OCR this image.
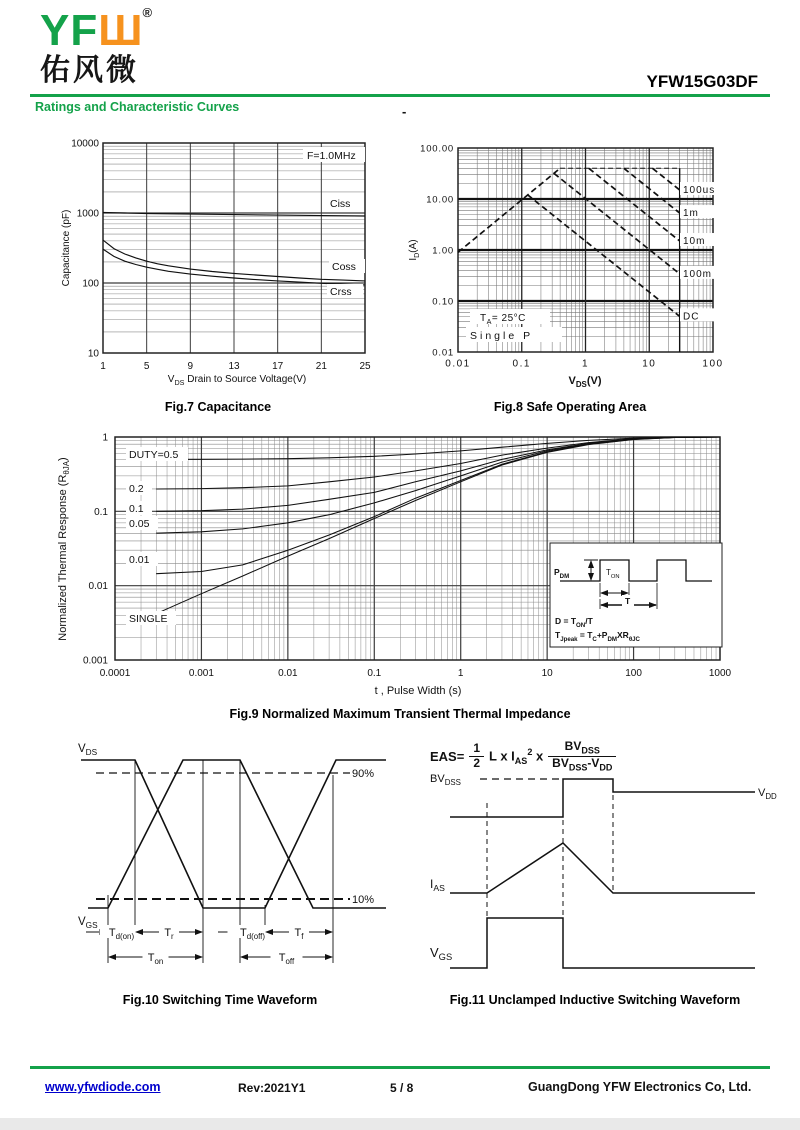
YFШ®
佑风微	YFW15G03DF
Ratings and Characteristic Curves	-
F=1.0MHz
Ciss
Coss
Crss
10000
1000
100
10
1	5	9	13	17	21	25
$V_{DS}$ Drain to Source Voltage(V)
Capacitance (pF)
100us
1m
10m
100m
DC
$T_A= 25^\circ C$
Single P
100.00
10.00
1.00
0.10
0.01
0.01	0.1	1	10	100
$V_{DS}(V)$
$I_D(A)$
Fig.7 Capacitance	Fig.8 Safe Operating Area
$P_{DM}$	$T_{ON}$
T
$D = T_{ON}/T$
$T_{Jpeak} = T_C+P_{DM}XR_{\theta JC}$
DUTY=0.5
0.2
0.1
0.05
0.01
SINGLE
1
0.1
0.01
0.001
0.0001	0.001	0.01	0.1	1	10	100	1000
t , Pulse Width (s)
Normalized Thermal Response $(R_{\theta JA})$
Fig.9 Normalized Maximum Transient Thermal Impedance
90%
10%
$V_{DS}$
$V_{GS}$
$T_{d(on)}$	$T_r$	$T_{d(off)}$	$T_f$
$T_{on}$	$T_{off}$
$BV_{DSS}$
$V_{DD}$
$I_{AS}$
$V_{GS}$
$EAS= \frac{1}{2}$ L x $I_{AS}^2$ x $\frac{BV_{DSS}}{BV_{DSS}-V_{DD}}$
Fig.10 Switching Time Waveform	Fig.11 Unclamped Inductive Switching Waveform
www.yfwdiode.com	Rev:2021Y1	5 / 8	GuangDong YFW Electronics Co, Ltd.
